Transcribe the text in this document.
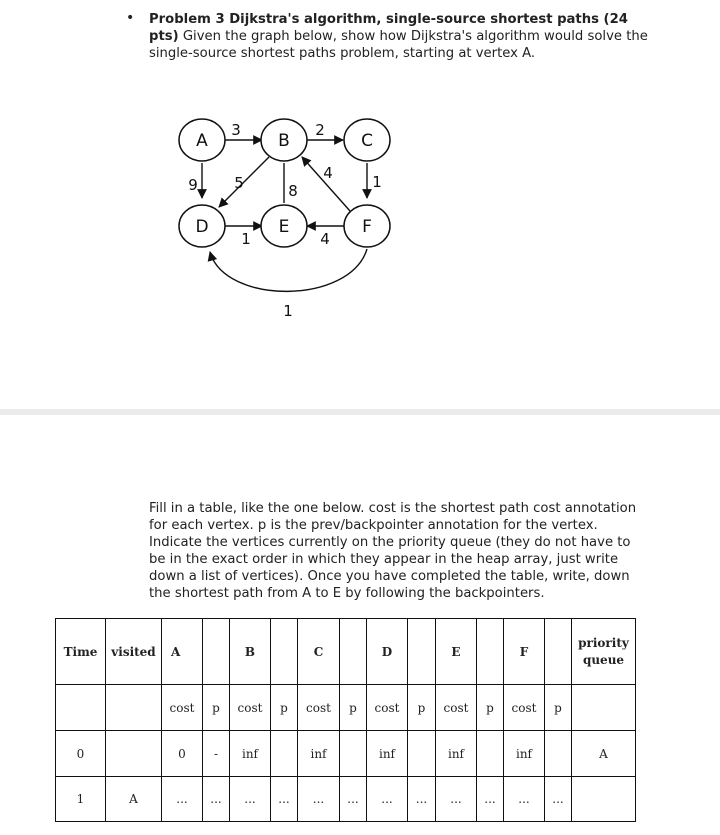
• Problem 3 Dijkstra's algorithm, single-source shortest paths (24 pts) Given the graph below, show how Dijkstra's algorithm would solve the single-source shortest paths problem, starting at vertex A.
A	B	C
D	E	F
3	2
9 5	8
4	1
1	4
1
Fill in a table, like the one below. cost is the shortest path cost annotation for each vertex. p is the prev/backpointer annotation for the vertex. Indicate the vertices currently on the priority queue (they do not have to be in the exact order in which they appear in the heap array, just write down a list of vertices). Once you have completed the table, write, down the shortest path from A to E by following the backpointers.
Time	visited	A		B		C		D		E		F		priority queue
		cost	p	cost	p	cost	p	cost	p	cost	p	cost	p	
0		0	-	inf		inf		inf		inf		inf		A
1	A	...	...	...	...	...	...	...	...	...	...	...	...	
